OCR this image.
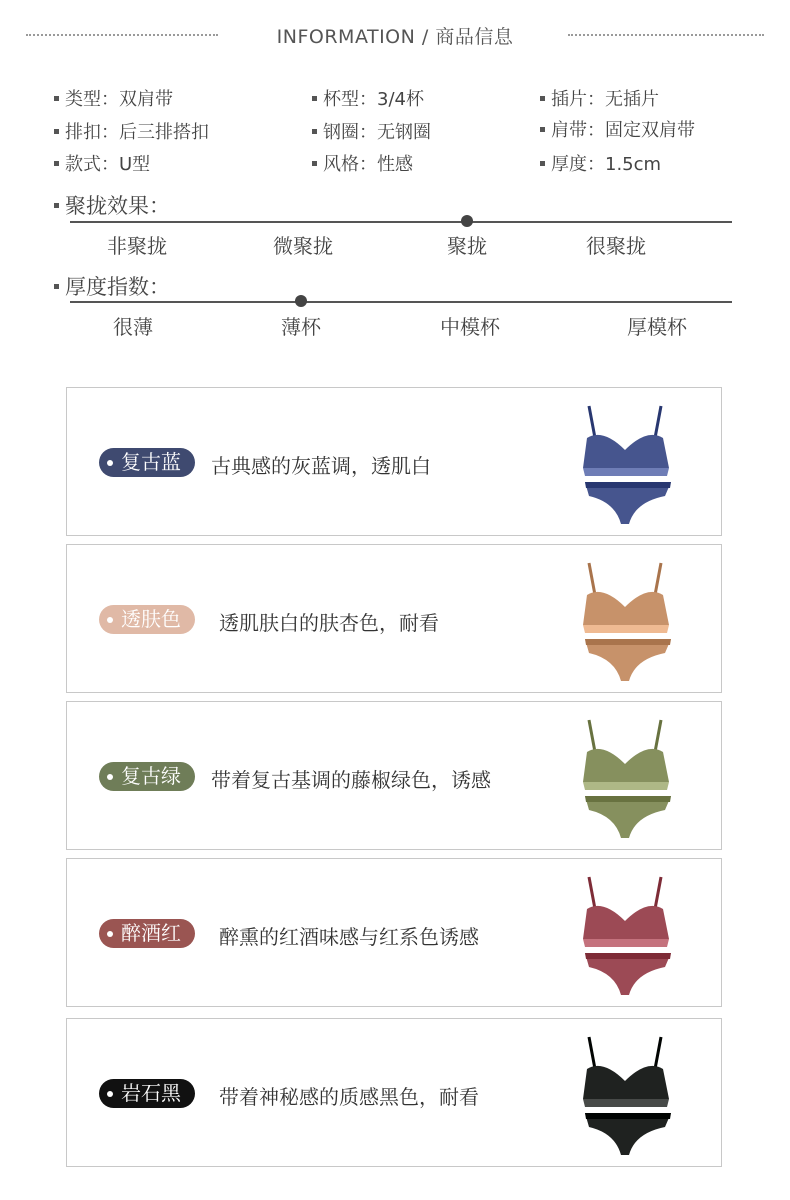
INFORMATION / 商品信息
类型：双肩带	杯型：3/4杯	插片：无插片
排扣：后三排搭扣	钢圈：无钢圈	肩带：固定双肩带
款式：U型	风格：性感	厚度：1.5cm
聚拢效果：
非聚拢	微聚拢	聚拢	很聚拢
厚度指数：
很薄	薄杯	中模杯	厚模杯
复古蓝	古典感的灰蓝调，透肌白
透肤色	透肌肤白的肤杏色，耐看
复古绿	带着复古基调的藤椒绿色，诱感
醉酒红	醉熏的红酒味感与红系色诱感
岩石黑	带着神秘感的质感黑色，耐看
